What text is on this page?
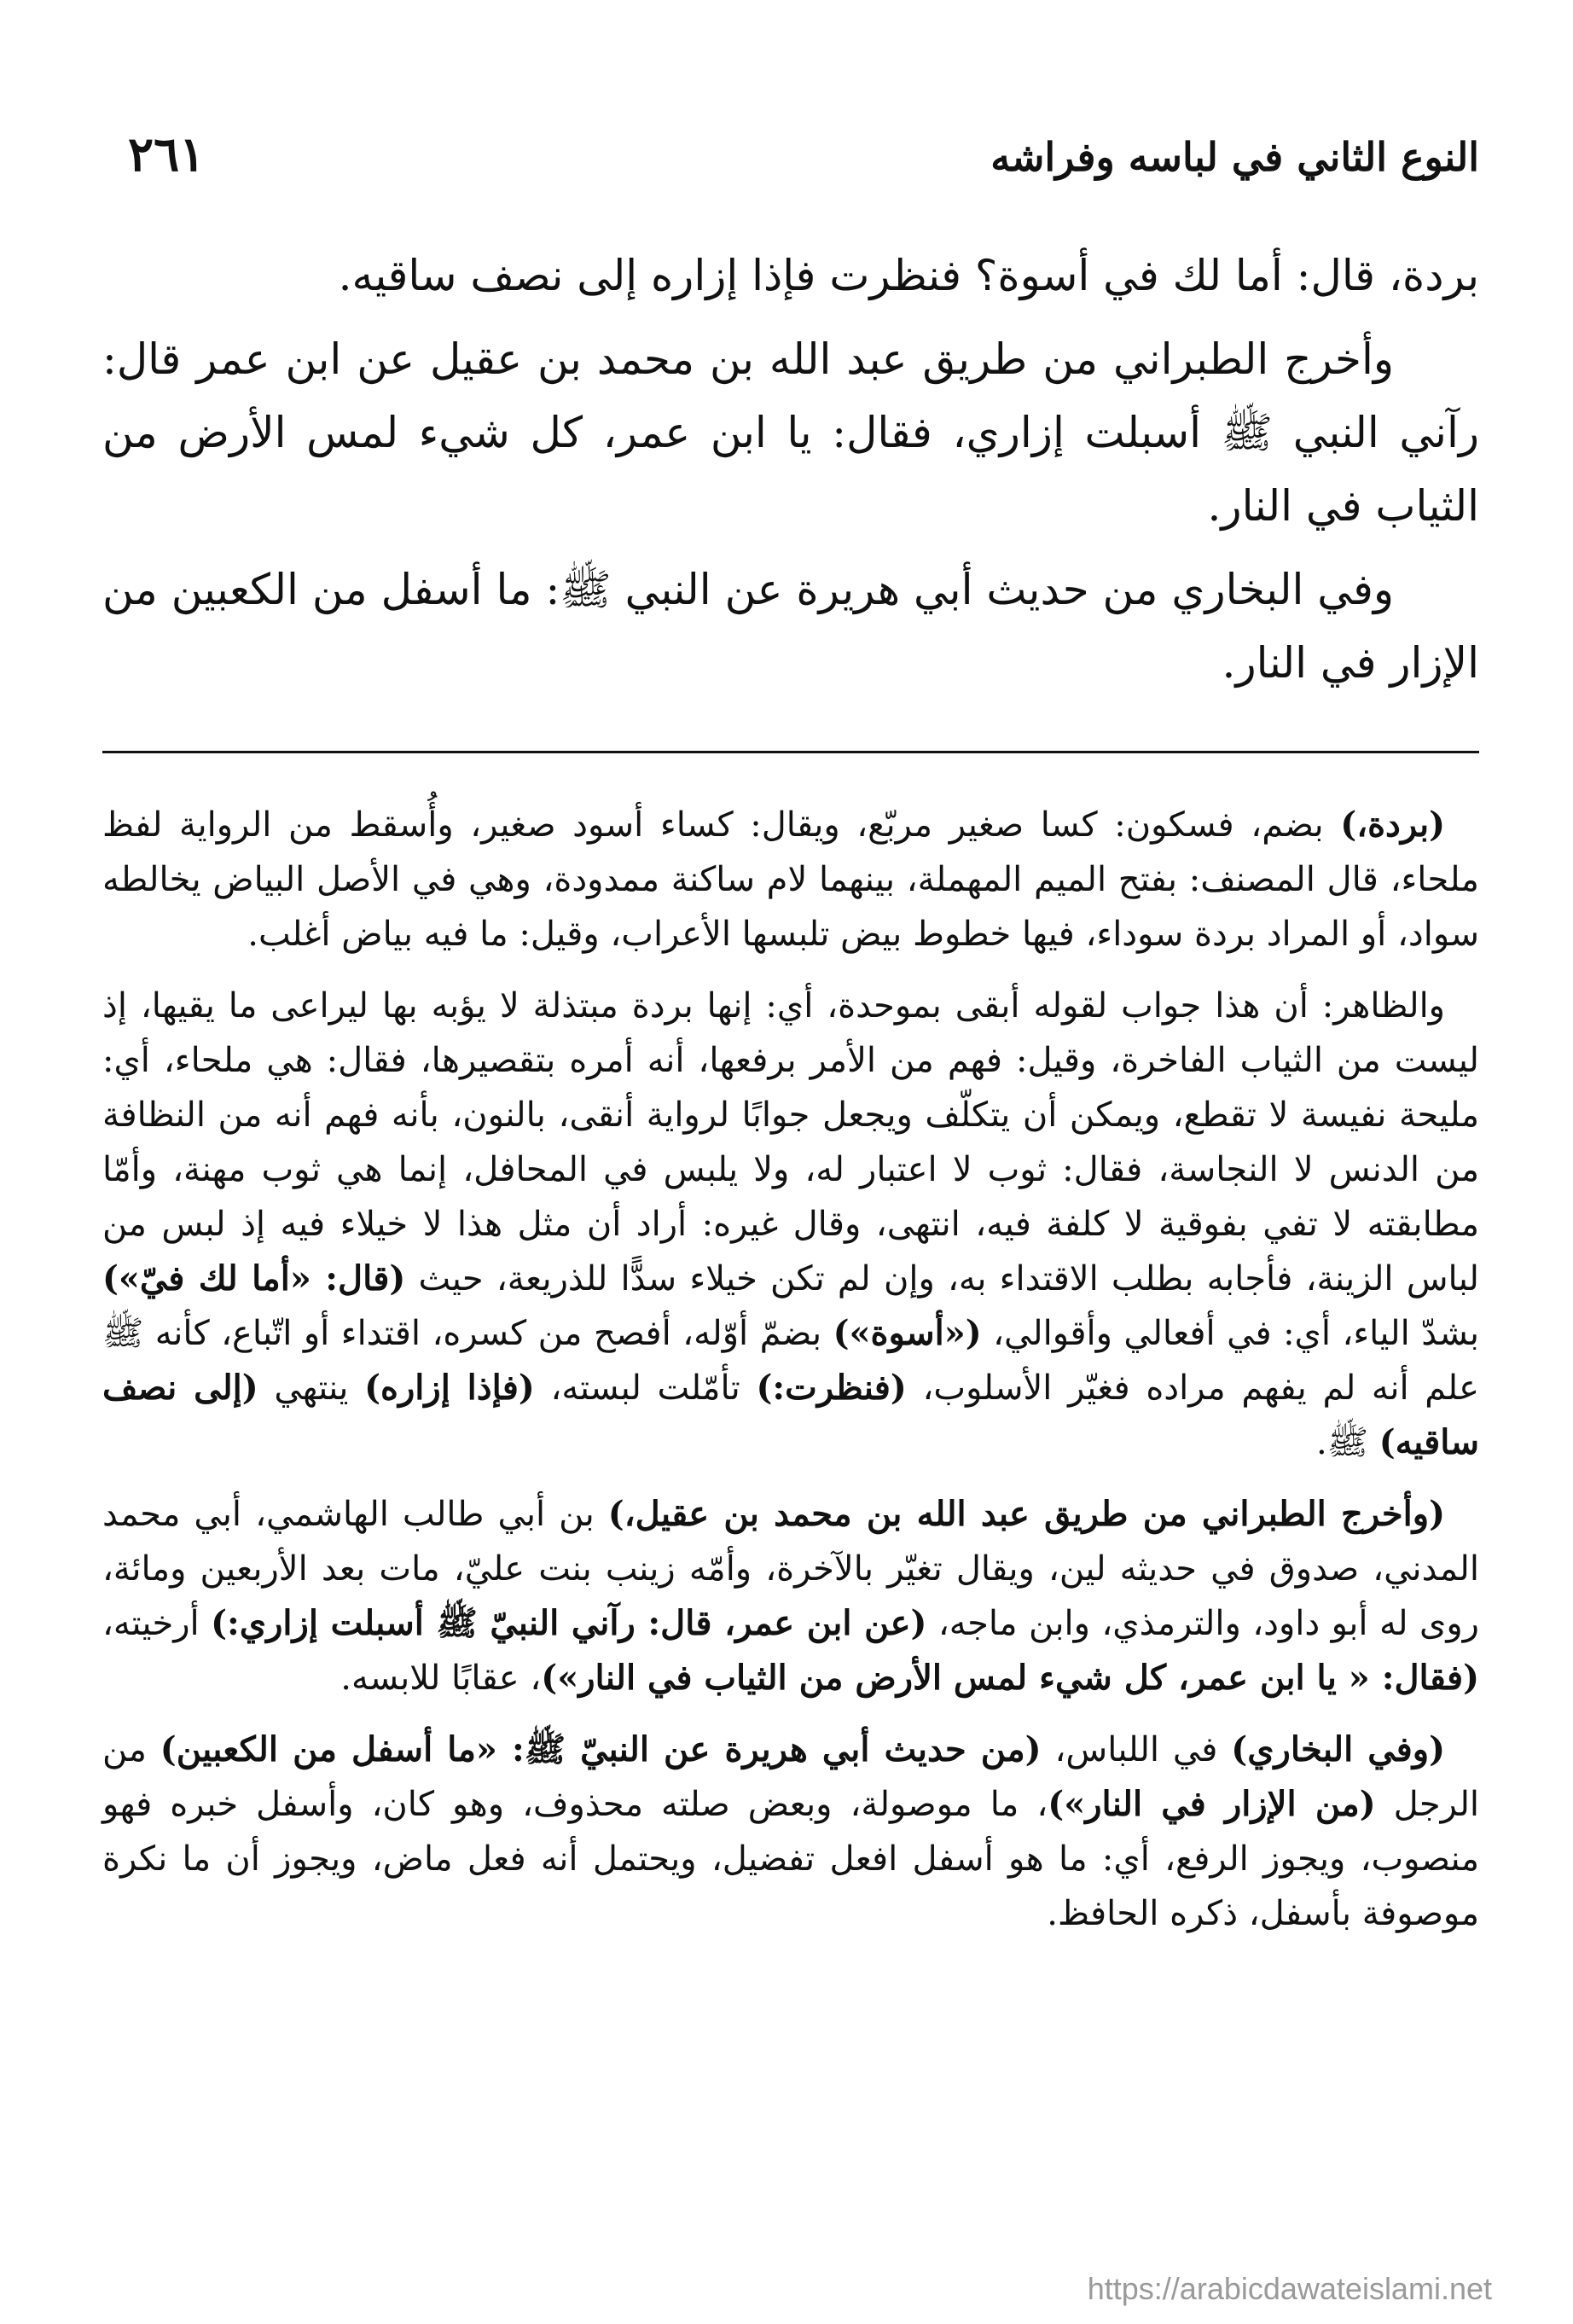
النوع الثاني في لباسه وفراشه
٢٦١

بردة، قال: أما لك في أسوة؟ فنظرت فإذا إزاره إلى نصف ساقيه.

وأخرج الطبراني من طريق عبد الله بن محمد بن عقيل عن ابن عمر قال: رآني النبي ﷺ أسبلت إزاري، فقال: يا ابن عمر، كل شيء لمس الأرض من الثياب في النار.

وفي البخاري من حديث أبي هريرة عن النبي ﷺ: ما أسفل من الكعبين من الإزار في النار.

(بردة،) بضم، فسكون: كسا صغير مربّع، ويقال: كساء أسود صغير، وأُسقط من الرواية لفظ ملحاء، قال المصنف: بفتح الميم المهملة، بينهما لام ساكنة ممدودة، وهي في الأصل البياض يخالطه سواد، أو المراد بردة سوداء، فيها خطوط بيض تلبسها الأعراب، وقيل: ما فيه بياض أغلب.

والظاهر: أن هذا جواب لقوله أبقى بموحدة، أي: إنها بردة مبتذلة لا يؤبه بها ليراعى ما يقيها، إذ ليست من الثياب الفاخرة، وقيل: فهم من الأمر برفعها، أنه أمره بتقصيرها، فقال: هي ملحاء، أي: مليحة نفيسة لا تقطع، ويمكن أن يتكلّف ويجعل جوابًا لرواية أنقى، بالنون، بأنه فهم أنه من النظافة من الدنس لا النجاسة، فقال: ثوب لا اعتبار له، ولا يلبس في المحافل، إنما هي ثوب مهنة، وأمّا مطابقته لا تفي بفوقية لا كلفة فيه، انتهى، وقال غيره: أراد أن مثل هذا لا خيلاء فيه إذ لبس من لباس الزينة، فأجابه بطلب الاقتداء به، وإن لم تكن خيلاء سدًّا للذريعة، حيث (قال: «أما لك فيّ») بشدّ الياء، أي: في أفعالي وأقوالي، («أسوة») بضمّ أوّله، أفصح من كسره، اقتداء أو اتّباع، كأنه ﷺ علم أنه لم يفهم مراده فغيّر الأسلوب، (فنظرت:) تأمّلت لبسته، (فإذا إزاره) ينتهي (إلى نصف ساقيه) ﷺ.

(وأخرج الطبراني من طريق عبد الله بن محمد بن عقيل،) بن أبي طالب الهاشمي، أبي محمد المدني، صدوق في حديثه لين، ويقال تغيّر بالآخرة، وأمّه زينب بنت عليّ، مات بعد الأربعين ومائة، روى له أبو داود، والترمذي، وابن ماجه، (عن ابن عمر، قال: رآني النبيّ ﷺ أسبلت إزاري:) أرخيته، (فقال: « يا ابن عمر، كل شيء لمس الأرض من الثياب في النار»)، عقابًا للابسه.

(وفي البخاري) في اللباس، (من حديث أبي هريرة عن النبيّ ﷺ: «ما أسفل من الكعبين) من الرجل (من الإزار في النار»)، ما موصولة، وبعض صلته محذوف، وهو كان، وأسفل خبره فهو منصوب، ويجوز الرفع، أي: ما هو أسفل افعل تفضيل، ويحتمل أنه فعل ماض، ويجوز أن ما نكرة موصوفة بأسفل، ذكره الحافظ.

https://arabicdawateislami.net
